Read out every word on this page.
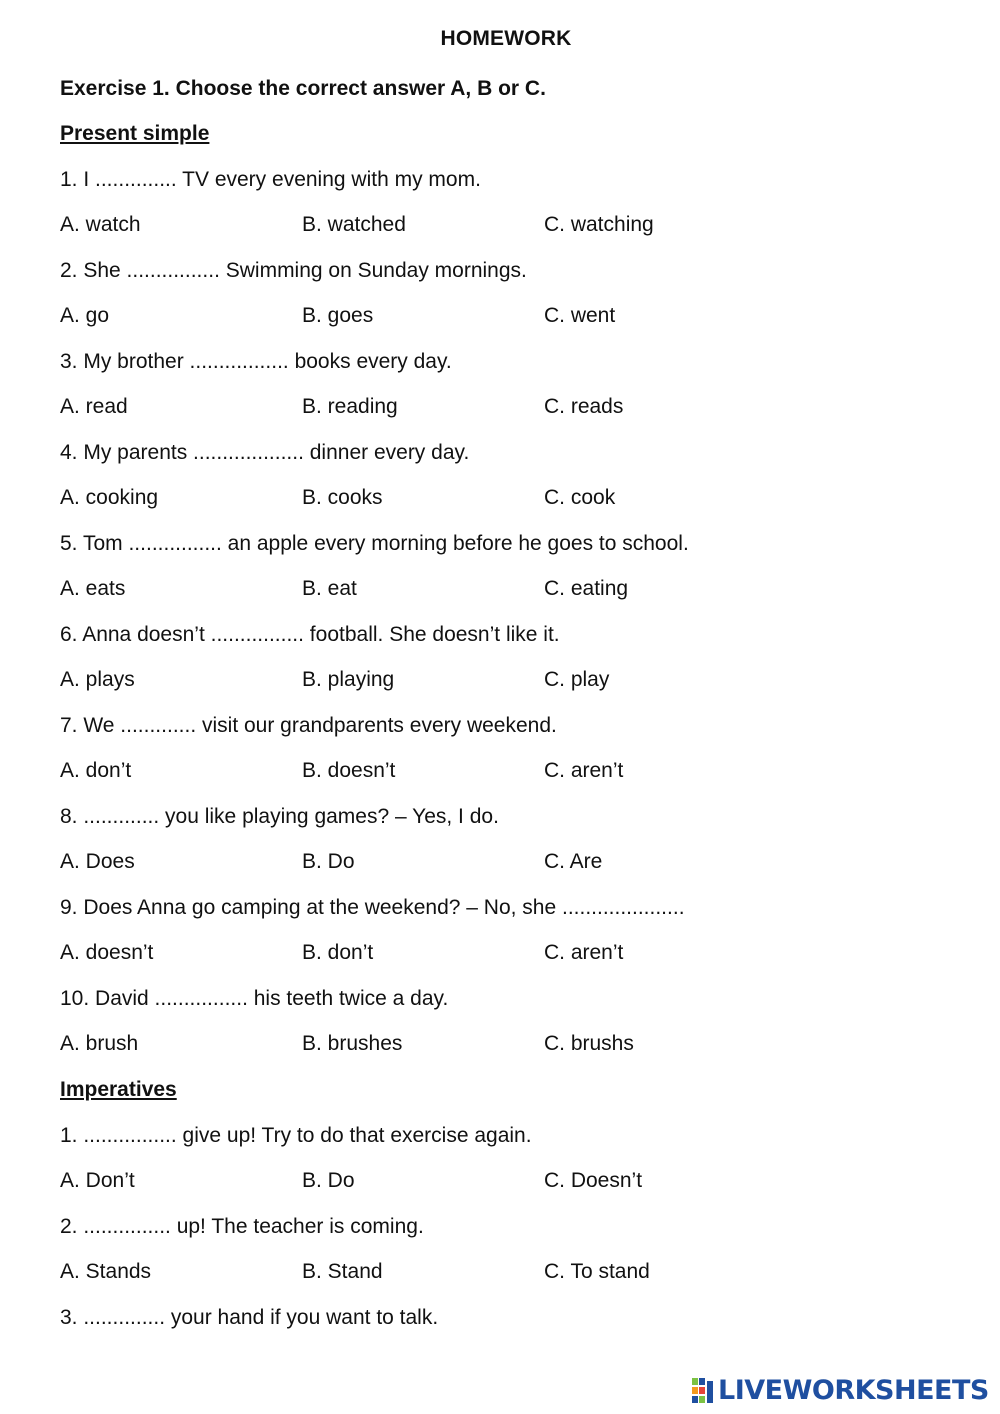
HOMEWORK
Exercise 1. Choose the correct answer A, B or C.
Present simple
1. I .............. TV every evening with my mom.
A. watch	B. watched	C. watching
2. She ................ Swimming on Sunday mornings.
A. go	B. goes	C. went
3. My brother ................. books every day.
A. read	B. reading	C. reads
4. My parents ................... dinner every day.
A. cooking	B. cooks	C. cook
5. Tom ................ an apple every morning before he goes to school.
A. eats	B. eat	C. eating
6. Anna doesn’t ................ football. She doesn’t like it.
A. plays	B. playing	C. play
7. We ............. visit our grandparents every weekend.
A. don’t	B. doesn’t	C. aren’t
8. ............. you like playing games? – Yes, I do.
A. Does	B. Do	C. Are
9. Does Anna go camping at the weekend? – No, she .....................
A. doesn’t	B. don’t	C. aren’t
10. David ................ his teeth twice a day.
A. brush	B. brushes	C. brushs
Imperatives
1. ................ give up! Try to do that exercise again.
A. Don’t	B. Do	C. Doesn’t
2. ............... up! The teacher is coming.
A. Stands	B. Stand	C. To stand
3. .............. your hand if you want to talk.
LIVEWORKSHEETS
